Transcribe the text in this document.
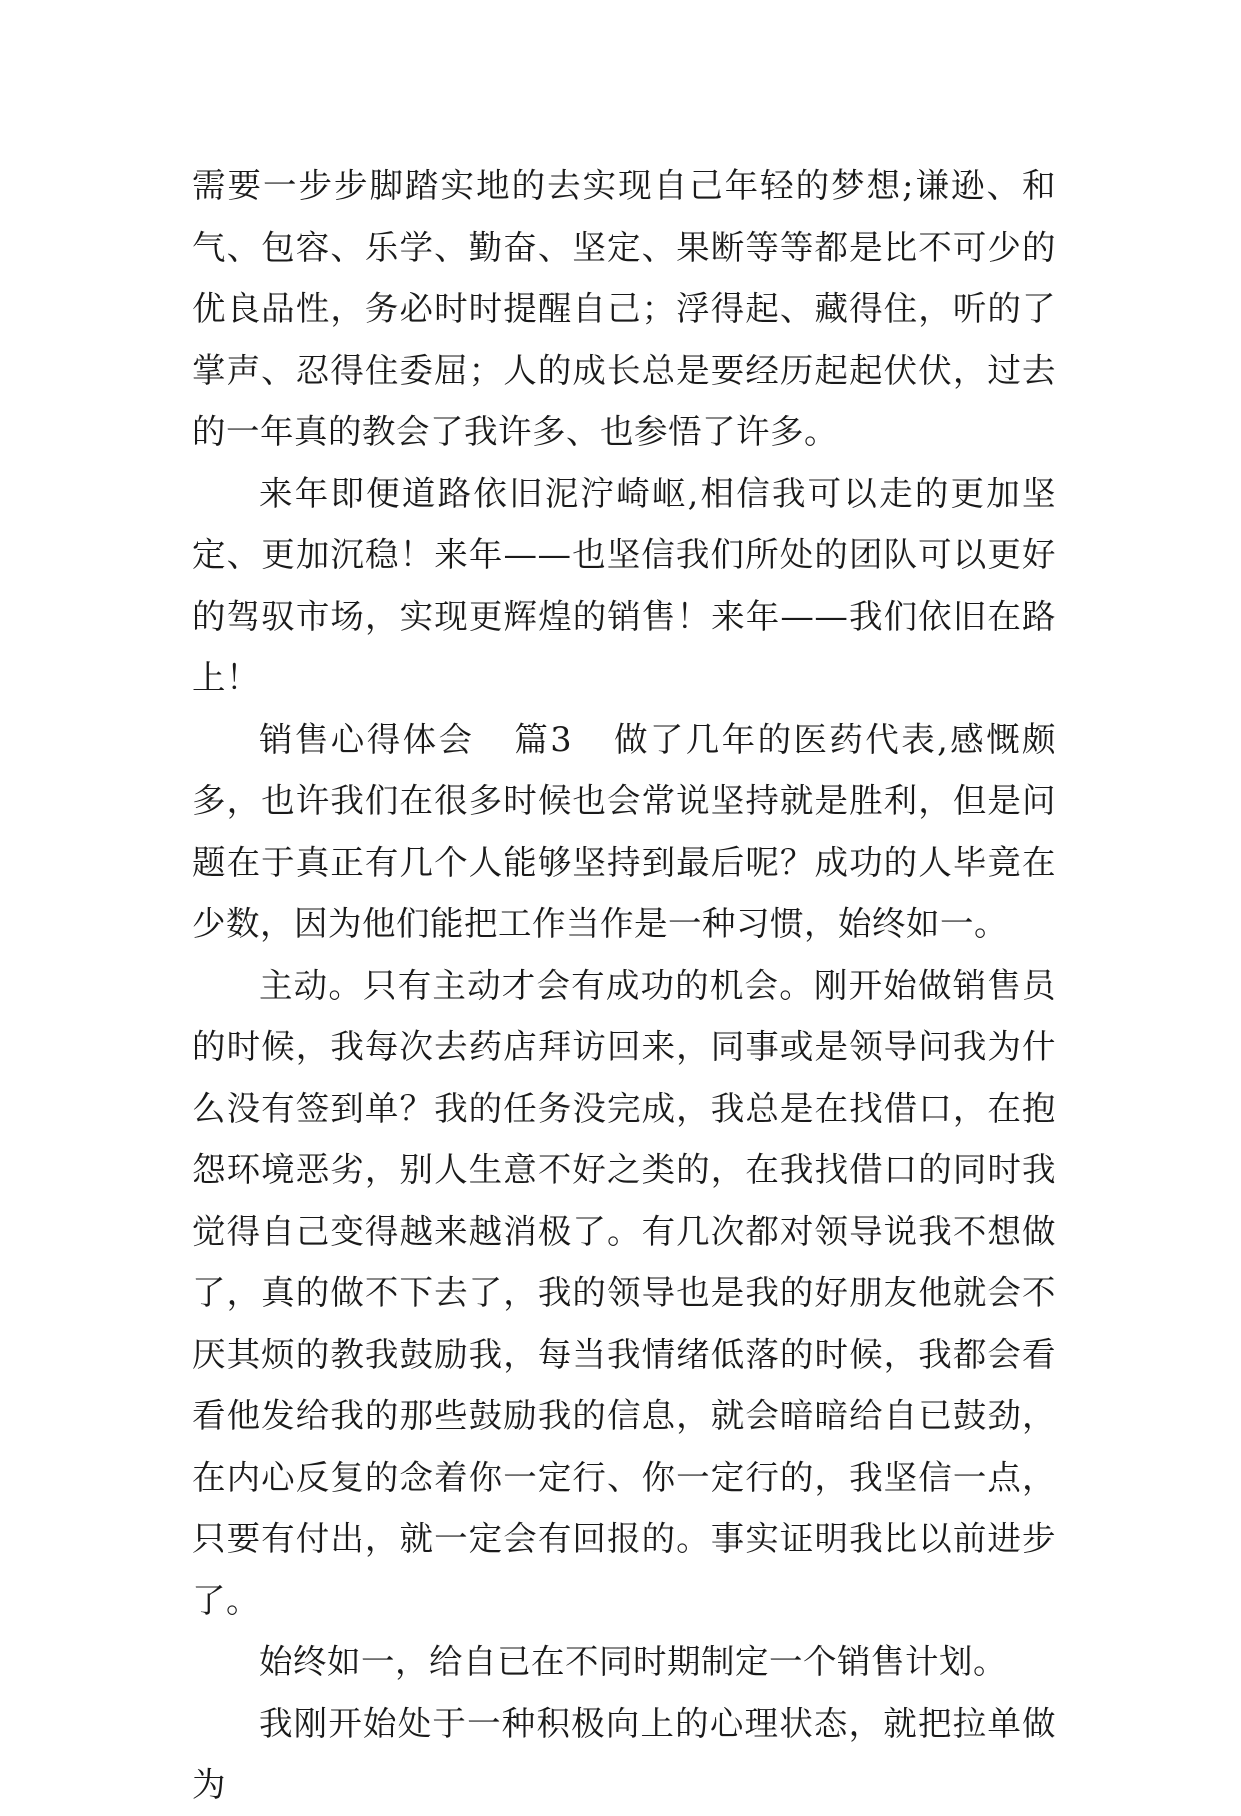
需要一步步脚踏实地的去实现自己年轻的梦想;谦逊、和气、包容、乐学、勤奋、坚定、果断等等都是比不可少的优良品性，务必时时提醒自己；浮得起、藏得住，听的了掌声、忍得住委屈；人的成长总是要经历起起伏伏，过去的一年真的教会了我许多、也参悟了许多。

来年即便道路依旧泥泞崎岖,相信我可以走的更加坚定、更加沉稳！来年——也坚信我们所处的团队可以更好的驾驭市场，实现更辉煌的销售！来年——我们依旧在路上！

销售心得体会 篇3 做了几年的医药代表,感慨颇多，也许我们在很多时候也会常说坚持就是胜利，但是问题在于真正有几个人能够坚持到最后呢？成功的人毕竟在少数，因为他们能把工作当作是一种习惯，始终如一。

主动。只有主动才会有成功的机会。刚开始做销售员的时候，我每次去药店拜访回来，同事或是领导问我为什么没有签到单？我的任务没完成，我总是在找借口，在抱怨环境恶劣，别人生意不好之类的，在我找借口的同时我觉得自己变得越来越消极了。有几次都对领导说我不想做了，真的做不下去了，我的领导也是我的好朋友他就会不厌其烦的教我鼓励我，每当我情绪低落的时候，我都会看看他发给我的那些鼓励我的信息，就会暗暗给自已鼓劲，在内心反复的念着你一定行、你一定行的，我坚信一点，只要有付出，就一定会有回报的。事实证明我比以前进步了。

始终如一，给自已在不同时期制定一个销售计划。

我刚开始处于一种积极向上的心理状态，就把拉单做为
